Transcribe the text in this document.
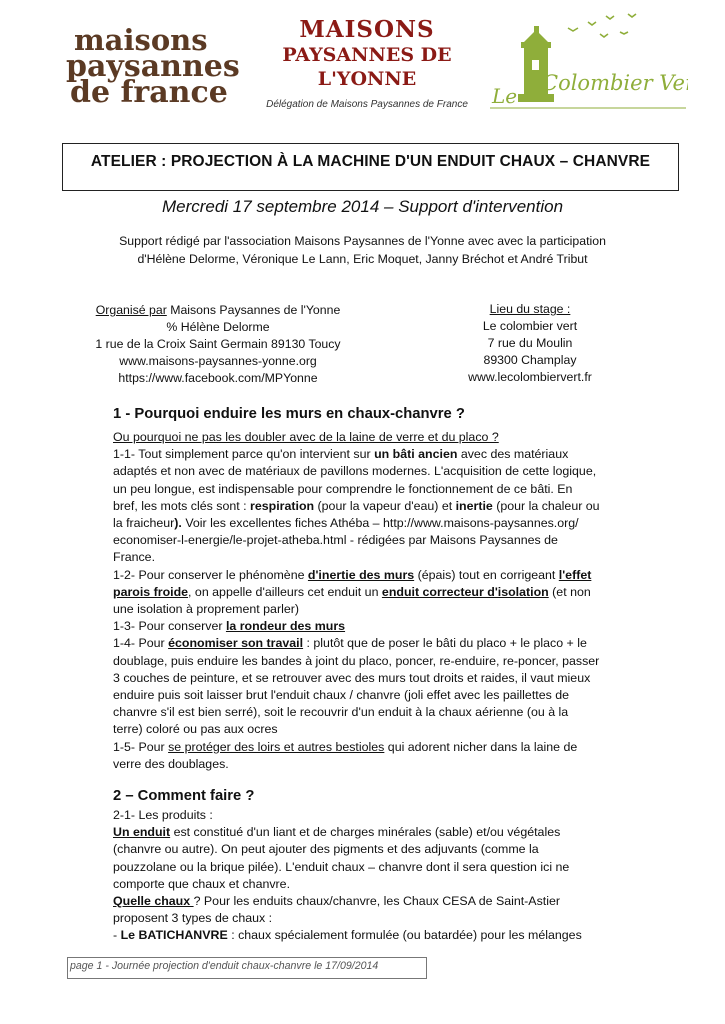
maisons
paysannes
de france
MAISONS
PAYSANNES DE
L'YONNE
Délégation de Maisons Paysannes de France Le
Colombier Vert
ATELIER : PROJECTION À LA MACHINE D'UN ENDUIT CHAUX – CHANVRE
Mercredi 17 septembre 2014 – Support d'intervention
Support rédigé par l'association Maisons Paysannes de l'Yonne avec avec la participation
d'Hélène Delorme, Véronique Le Lann, Eric Moquet, Janny Bréchot et André Tribut
Organisé par Maisons Paysannes de l'Yonne
% Hélène Delorme
1 rue de la Croix Saint Germain 89130 Toucy
www.maisons-paysannes-yonne.org
https://www.facebook.com/MPYonne
Lieu du stage :
Le colombier vert
7 rue du Moulin
89300 Champlay
www.lecolombiervert.fr
1 - Pourquoi enduire les murs en chaux-chanvre ?

Ou pourquoi ne pas les doubler avec de la laine de verre et du placo ?

1-1- Tout simplement parce qu'on intervient sur un bâti ancien avec des matériaux

adaptés et non avec de matériaux de pavillons modernes. L'acquisition de cette logique,

un peu longue, est indispensable pour comprendre le fonctionnement de ce bâti. En

bref, les mots clés sont : respiration (pour la vapeur d'eau) et inertie (pour la chaleur ou

la fraicheur). Voir les excellentes fiches Athéba – http://www.maisons-paysannes.org/

economiser-l-energie/le-projet-atheba.html - rédigées par Maisons Paysannes de

France.

1-2- Pour conserver le phénomène d'inertie des murs (épais) tout en corrigeant l'effet

parois froide, on appelle d'ailleurs cet enduit un enduit correcteur d'isolation (et non

une isolation à proprement parler)

1-3- Pour conserver la rondeur des murs

1-4- Pour économiser son travail : plutôt que de poser le bâti du placo + le placo + le

doublage, puis enduire les bandes à joint du placo, poncer, re-enduire, re-poncer, passer

3 couches de peinture, et se retrouver avec des murs tout droits et raides, il vaut mieux

enduire puis soit laisser brut l'enduit chaux / chanvre (joli effet avec les paillettes de

chanvre s'il est bien serré), soit le recouvrir d'un enduit à la chaux aérienne (ou à la

terre) coloré ou pas aux ocres

1-5- Pour se protéger des loirs et autres bestioles qui adorent nicher dans la laine de

verre des doublages.

2 – Comment faire ?

2-1- Les produits :

Un enduit est constitué d'un liant et de charges minérales (sable) et/ou végétales

(chanvre ou autre). On peut ajouter des pigments et des adjuvants (comme la

pouzzolane ou la brique pilée). L'enduit chaux – chanvre dont il sera question ici ne

comporte que chaux et chanvre.

Quelle chaux ? Pour les enduits chaux/chanvre, les Chaux CESA de Saint-Astier

proposent 3 types de chaux :

- Le BATICHANVRE : chaux spécialement formulée (ou batardée) pour les mélanges

page 1 - Journée projection d'enduit chaux-chanvre le 17/09/2014
